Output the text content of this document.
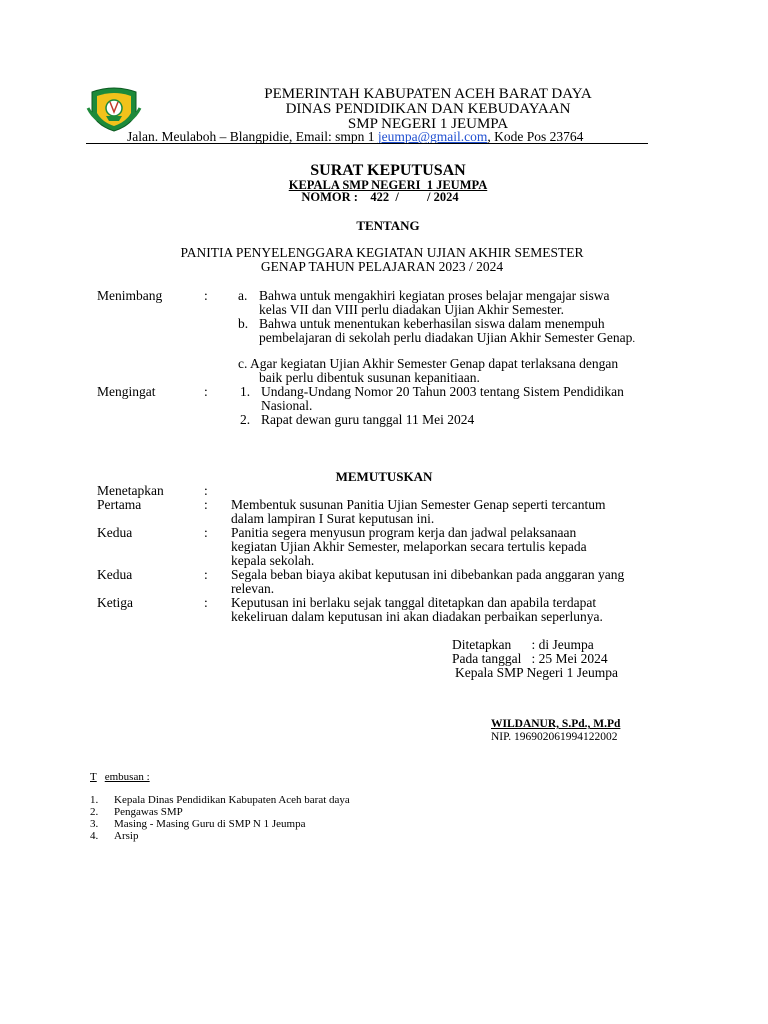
PEMERINTAH KABUPATEN ACEH BARAT DAYA
DINAS PENDIDIKAN DAN KEBUDAYAAN
SMP NEGERI 1 JEUMPA
Jalan. Meulaboh – Blangpidie, Email: smpn 1 jeumpa@gmail.com, Kode Pos 23764
SURAT KEPUTUSAN
KEPALA SMP NEGERI  1 JEUMPA
NOMOR :    422  /         / 2024
TENTANG
PANITIA PENYELENGGARA KEGIATAN UJIAN AKHIR SEMESTER
GENAP TAHUN PELAJARAN 2023 / 2024
Menimbang	: a. Bahwa untuk mengakhiri kegiatan proses belajar mengajar siswa
kelas VII dan VIII perlu diadakan Ujian Akhir Semester.
b. Bahwa untuk menentukan keberhasilan siswa dalam menempuh
pembelajaran di sekolah perlu diadakan Ujian Akhir Semester Genap.
c. Agar kegiatan Ujian Akhir Semester Genap dapat terlaksana dengan
baik perlu dibentuk susunan kepanitiaan.
Mengingat	: 1. Undang-Undang Nomor 20 Tahun 2003 tentang Sistem Pendidikan
Nasional.
2. Rapat dewan guru tanggal 11 Mei 2024
MEMUTUSKAN
Menetapkan	:
Pertama	: Membentuk susunan Panitia Ujian Semester Genap seperti tercantum
dalam lampiran I Surat keputusan ini.
Kedua	: Panitia segera menyusun program kerja dan jadwal pelaksanaan
kegiatan Ujian Akhir Semester, melaporkan secara tertulis kepada
kepala sekolah.
Kedua	: Segala beban biaya akibat keputusan ini dibebankan pada anggaran yang
relevan.
Ketiga	: Keputusan ini berlaku sejak tanggal ditetapkan dan apabila terdapat
kekeliruan dalam keputusan ini akan diadakan perbaikan seperlunya.
Ditetapkan      : di Jeumpa
Pada tanggal   : 25 Mei 2024
Kepala SMP Negeri 1 Jeumpa
WILDANUR, S.Pd., M.Pd
NIP. 196902061994122002
T embusan :
1. Kepala Dinas Pendidikan Kabupaten Aceh barat daya
2. Pengawas SMP
3. Masing - Masing Guru di SMP N 1 Jeumpa
4. Arsip
